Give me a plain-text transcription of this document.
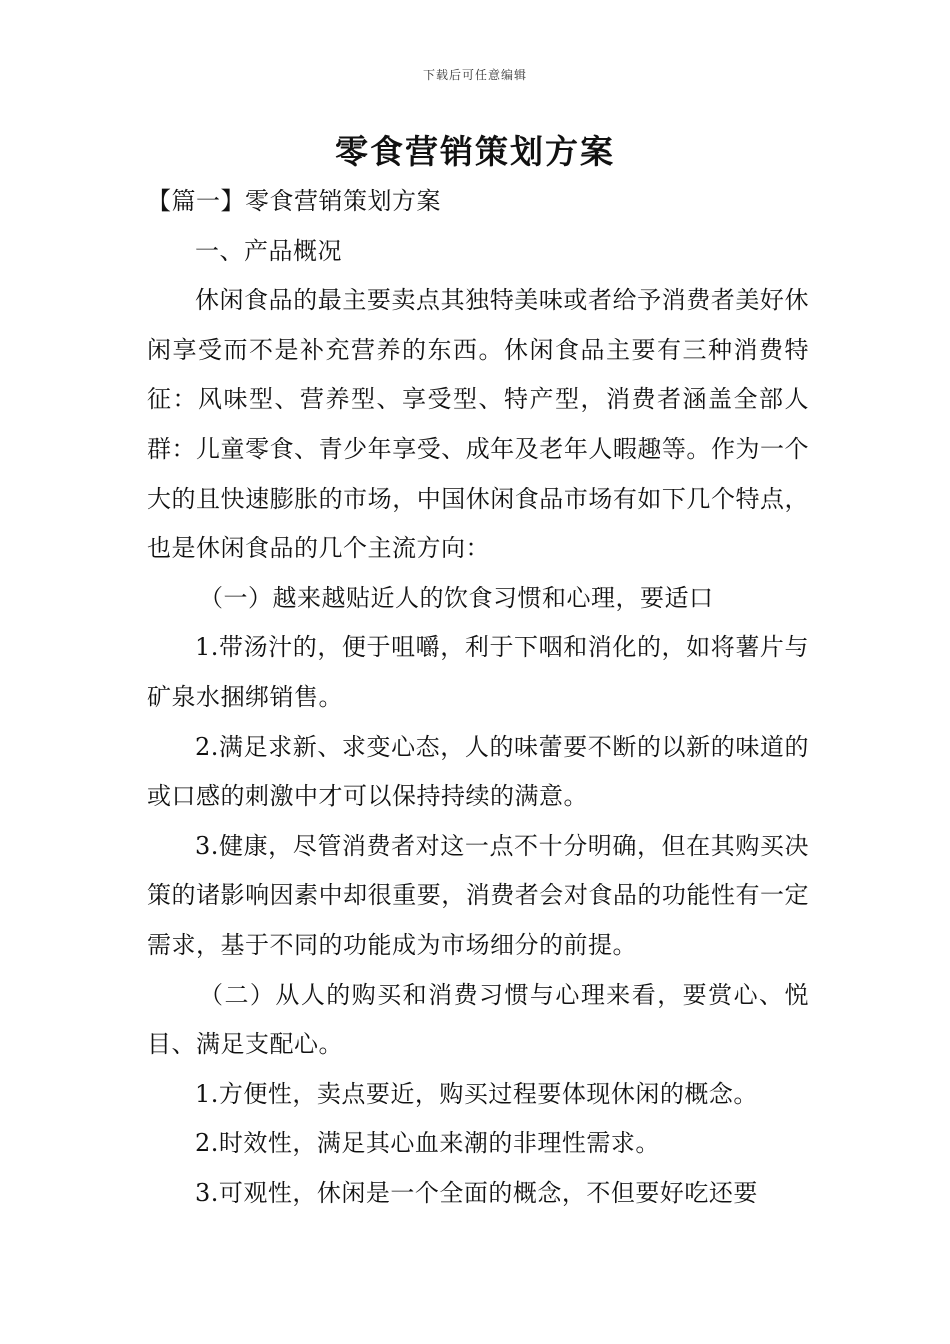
下载后可任意编辑
零食营销策划方案

【篇一】零食营销策划方案

一、产品概况

休闲食品的最主要卖点其独特美味或者给予消费者美好休闲享受而不是补充营养的东西。休闲食品主要有三种消费特征：风味型、营养型、享受型、特产型，消费者涵盖全部人群：儿童零食、青少年享受、成年及老年人暇趣等。作为一个大的且快速膨胀的市场，中国休闲食品市场有如下几个特点，也是休闲食品的几个主流方向：

（一）越来越贴近人的饮食习惯和心理，要适口

1.带汤汁的，便于咀嚼，利于下咽和消化的，如将薯片与矿泉水捆绑销售。

2.满足求新、求变心态，人的味蕾要不断的以新的味道的或口感的刺激中才可以保持持续的满意。

3.健康，尽管消费者对这一点不十分明确，但在其购买决策的诸影响因素中却很重要，消费者会对食品的功能性有一定需求，基于不同的功能成为市场细分的前提。

（二）从人的购买和消费习惯与心理来看，要赏心、悦目、满足支配心。

1.方便性，卖点要近，购买过程要体现休闲的概念。

2.时效性，满足其心血来潮的非理性需求。

3.可观性，休闲是一个全面的概念，不但要好吃还要
